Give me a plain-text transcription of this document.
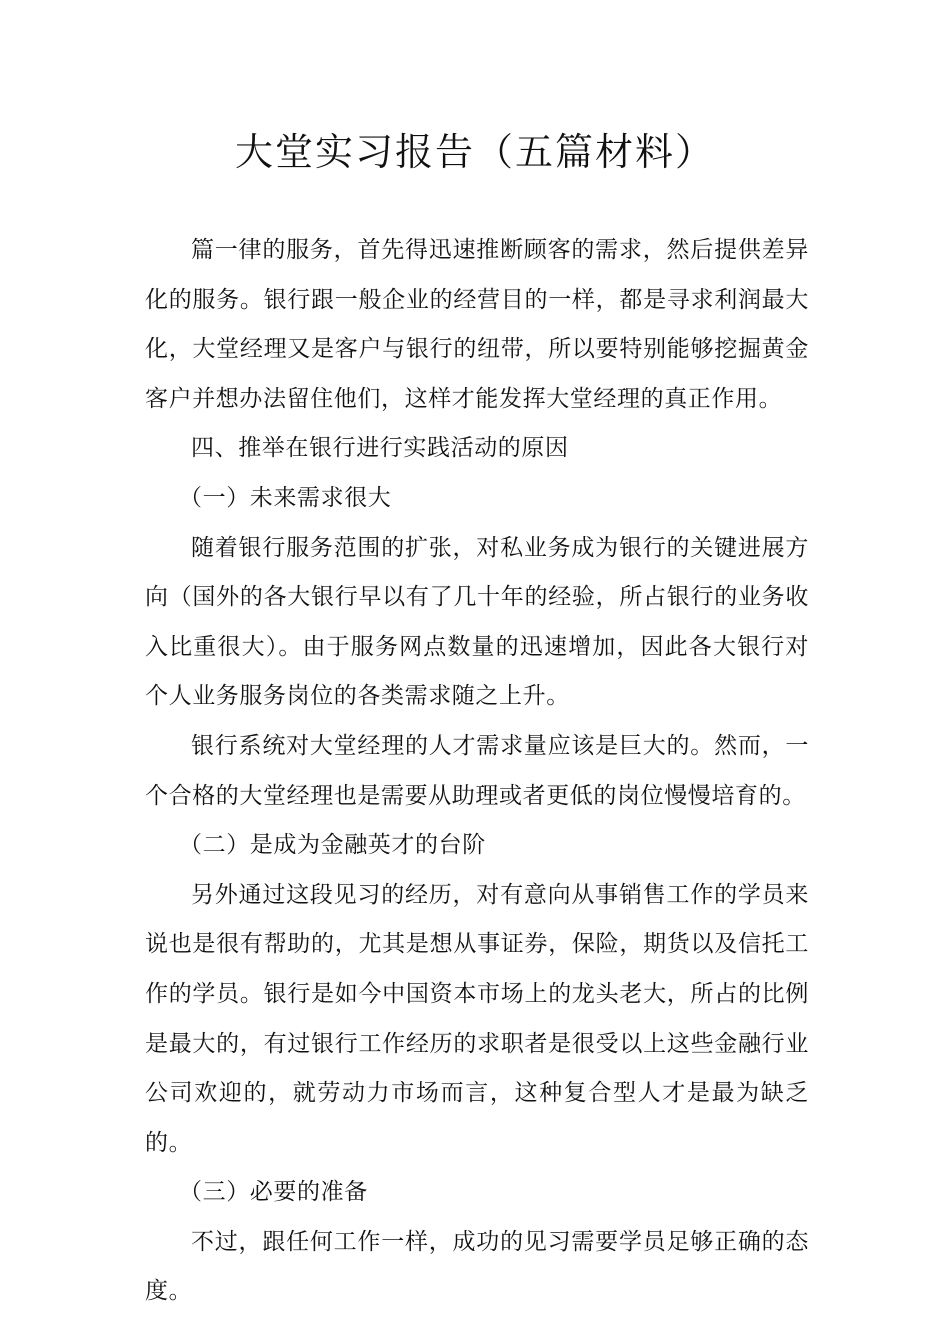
大堂实习报告（五篇材料）

篇一律的服务，首先得迅速推断顾客的需求，然后提供差异化的服务。银行跟一般企业的经营目的一样，都是寻求利润最大化，大堂经理又是客户与银行的纽带，所以要特别能够挖掘黄金客户并想办法留住他们，这样才能发挥大堂经理的真正作用。

四、推举在银行进行实践活动的原因

（一）未来需求很大

随着银行服务范围的扩张，对私业务成为银行的关键进展方向（国外的各大银行早以有了几十年的经验，所占银行的业务收入比重很大）。由于服务网点数量的迅速增加，因此各大银行对个人业务服务岗位的各类需求随之上升。

银行系统对大堂经理的人才需求量应该是巨大的。然而，一个合格的大堂经理也是需要从助理或者更低的岗位慢慢培育的。

（二）是成为金融英才的台阶

另外通过这段见习的经历，对有意向从事销售工作的学员来说也是很有帮助的，尤其是想从事证券，保险，期货以及信托工作的学员。银行是如今中国资本市场上的龙头老大，所占的比例是最大的，有过银行工作经历的求职者是很受以上这些金融行业公司欢迎的，就劳动力市场而言，这种复合型人才是最为缺乏的。

（三）必要的准备

不过，跟任何工作一样，成功的见习需要学员足够正确的态度。
